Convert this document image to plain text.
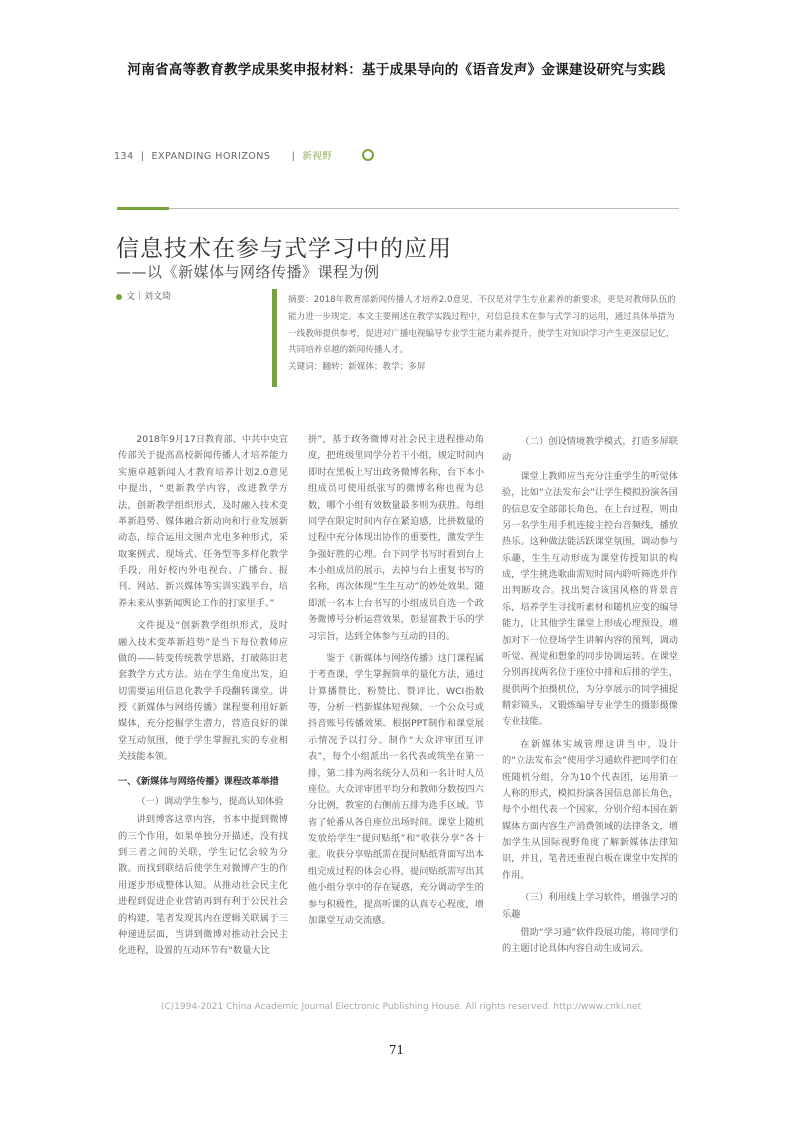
河南省高等教育教学成果奖申报材料：基于成果导向的《语音发声》金课建设研究与实践
134  |  EXPANDING HORIZONS      |  新视野
信息技术在参与式学习中的应用
——以《新媒体与网络传播》课程为例
文｜刘文琦	摘要：2018年教育部新闻传播人才培养2.0意见，不仅是对学生专业素养的新要求，更是对教师队伍的能力进一步规定。本文主要阐述在教学实践过程中，对信息技术在参与式学习的运用，通过具体举措为一线教师提供参考，促进对广播电视编导专业学生能力素养提升，使学生对知识学习产生更深层记忆，共同培养卓越的新闻传播人才。

关键词：翻转；新媒体；教学；多屏

2018年9月17日教育部、中共中央宣传部关于提高高校新闻传播人才培养能力实施卓越新闻人才教育培养计划2.0意见中提出，“更新教学内容，改进教学方法，创新教学组织形式，及时融入技术变革新趋势、媒体融合新动向和行业发展新动态，综合运用文图声光电多种形式，采取案例式、现场式、任务型等多样化教学手段，用好校内外电视台、广播台、报刊、网站、新兴媒体等实训实践平台，培养未来从事新闻舆论工作的打家里手。”

文件提及“创新教学组织形式，及时融入技术变革新趋势”是当下每位教师应做的——转变传统教学思路，打破陈旧老套教学方式方法。站在学生角度出发，迫切需要运用信息化教学手段翻转课堂。讲授《新媒体与网络传播》课程要利用好新媒体，充分挖掘学生潜力，营造良好的课堂互动氛围，便于学生掌握扎实的专业相关技能本领。

一、《新媒体与网络传播》课程改革举措
（一）调动学生参与，提高认知体验

讲到博客这章内容，书本中提到微博的三个作用，如果单独分开描述，没有找到三者之间的关联，学生记忆会较为分散。而找到联结后使学生对微博产生的作用逐步形成整体认知。从推动社会民主化进程到促进企业营销再到有利于公民社会的构建，笔者发现其内在逻辑关联属于三种递进层面，当讲到微博对推动社会民主化进程，设置的互动环节有“数量大比

拼”，基于政务微博对社会民主进程推动角度，把班级里同学分若干小组，规定时间内即时在黑板上写出政务微博名称，台下本小组成员可使用纸张写的微博名称也视为总数，哪个小组有效数量最多则为获胜。每组同学在限定时间内存在紧迫感，比拼数量的过程中充分体现出协作的重要性，激发学生争强好胜的心理。台下同学书写时看到台上本小组成员的展示，去掉与台上重复书写的名称，再次体现“生生互动”的妙处效果。随即派一名本上台书写的小组成员自选一个政务微博号分析运营效果，彰显富教于乐的学习宗旨，达到全体参与互动的目的。

鉴于《新媒体与网络传播》这门课程属于考查课，学生掌握简单的量化方法，通过计算播赞比、粉赞比、赞评比、WCI指数等，分析一档新媒体短视频、一个公众号或抖音账号传播效果。根据PPT制作和课堂展示情况予以打分。制作“大众评审团互评表”，每个小组派出一名代表或筑坐在第一排，第二排为两名统分人员和一名计时人员座位。大众评审团平均分和教师分数按四六分比例，教室的右侧前五排为选手区域。节省了轮番从各自座位出场时间。课堂上随机发放给学生“提问贴纸”和“收获分享”各十张。收获分享贴纸需在提问贴纸背面写出本组完成过程的体会心得，提问贴纸需写出其他小组分享中的存在疑惑，充分调动学生的参与积极性，提高听课的认真专心程度，增加课堂互动交流感。

（二）创设情境教学模式，打造多屏联动

课堂上教师应当充分注重学生的听觉体验，比如“立法发布会”让学生模拟扮演各国的信息安全部部长角色，在上台过程，则由另一名学生用手机连接主控台音频线，播放热乐。这种做法能活跃课堂氛围，调动参与乐趣，生生互动形成为课堂传授知识的构成，学生挑选歌曲需短时间内聆听筛选并作出判断攻合。找出契合该国风格的背景音乐，培养学生寻找听素材和随机应变的编导能力，让其他学生课堂上形成心理预设，增加对下一位登场学生讲解内容的预判，调动听觉、视觉和想象的同步协调运转。在课堂分别再找两名位于座位中排和后排的学生，提供两个拍摄机位，为分享展示的同学捕捉精彩镜头，又锻炼编导专业学生的摄影摄像专业技能。

在新媒体实域管理这讲当中，设计的“立法发布会”使用学习通软件把同学们在班随机分组，分为10个代表团，运用第一人称的形式，模拟扮演各国信息部长角色，每个小组代表一个国家，分别介绍本国在新媒体方面内容生产消费领域的法律条文，增加学生从国际视野角度了解新媒体法律知识，并且，笔者还重视白板在课堂中发挥的作用。

（三）利用线上学习软件，增强学习的乐趣

借助“学习通”软件段展功能，将同学们的主题讨论具体内容自动生成词云。

(C)1994-2021 China Academic Journal Electronic Publishing House. All rights reserved. http://www.cnki.net
71
